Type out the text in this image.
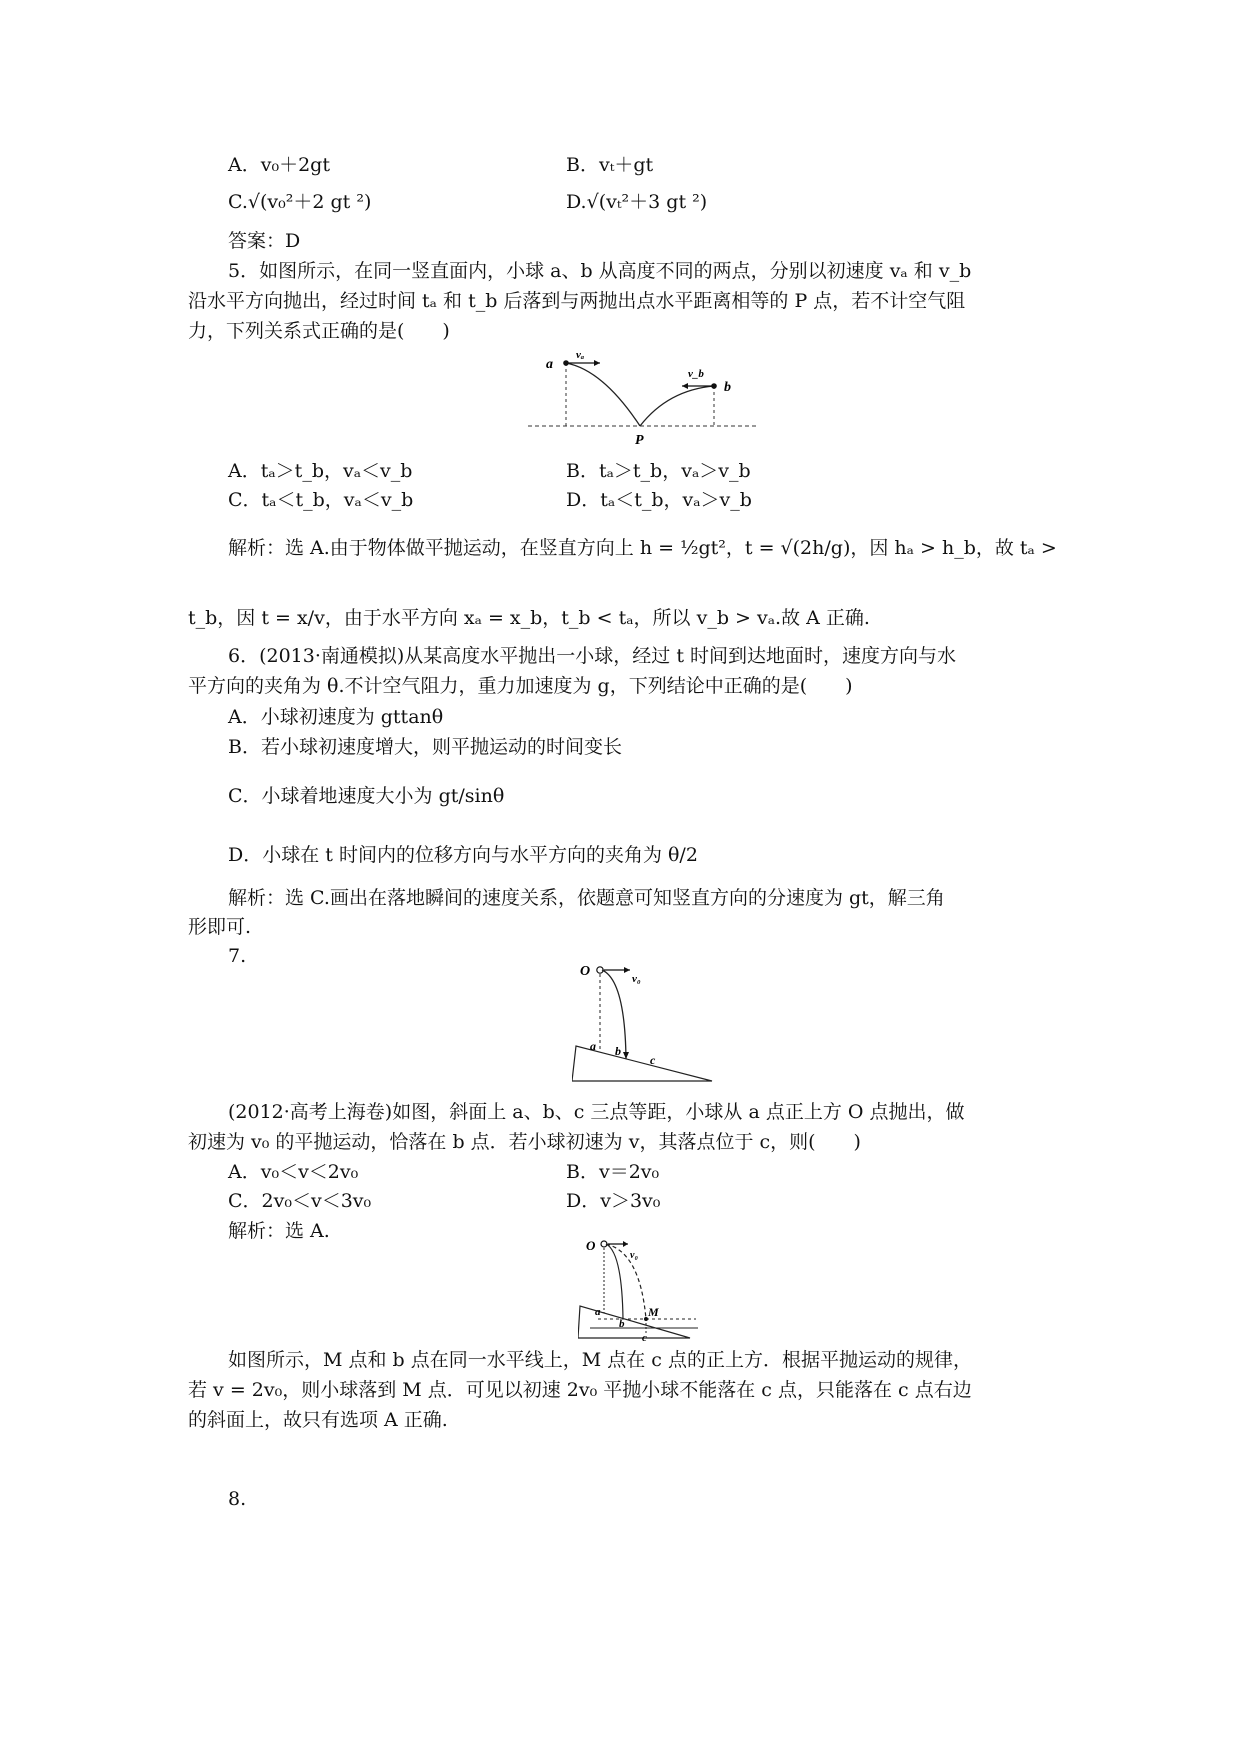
A．v₀＋2gt	B．vₜ＋gt
C.√(v₀²＋2 gt ²)	D.√(vₜ²＋3 gt ²)
答案：D
5．如图所示，在同一竖直面内，小球 a、b 从高度不同的两点，分别以初速度 vₐ 和 v_b
沿水平方向抛出，经过时间 tₐ 和 t_b 后落到与两抛出点水平距离相等的 P 点，若不计空气阻
力，下列关系式正确的是(　　)
a
vₐ
v_b
b
P
A．tₐ＞t_b，vₐ＜v_b	B．tₐ＞t_b，vₐ＞v_b
C．tₐ＜t_b，vₐ＜v_b	D．tₐ＜t_b，vₐ＞v_b
解析：选 A.由于物体做平抛运动，在竖直方向上 h = ½gt²，t = √(2h/g)，因 hₐ > h_b，故 tₐ >
t_b，因 t = x/v，由于水平方向 xₐ = x_b，t_b < tₐ，所以 v_b > vₐ.故 A 正确.
6．(2013·南通模拟)从某高度水平抛出一小球，经过 t 时间到达地面时，速度方向与水
平方向的夹角为 θ.不计空气阻力，重力加速度为 g，下列结论中正确的是(　　)
A．小球初速度为 gttanθ
B．若小球初速度增大，则平抛运动的时间变长
C．小球着地速度大小为 gt/sinθ
D．小球在 t 时间内的位移方向与水平方向的夹角为 θ/2
解析：选 C.画出在落地瞬间的速度关系，依题意可知竖直方向的分速度为 gt，解三角
形即可.
7.
O	v₀
a b
c
(2012·高考上海卷)如图，斜面上 a、b、c 三点等距，小球从 a 点正上方 O 点抛出，做
初速为 v₀ 的平抛运动，恰落在 b 点．若小球初速为 v，其落点位于 c，则(　　)
A．v₀＜v＜2v₀	B．v＝2v₀
C．2v₀＜v＜3v₀	D．v＞3v₀
解析：选 A.
O
v₀
a
b
M
c
如图所示，M 点和 b 点在同一水平线上，M 点在 c 点的正上方．根据平抛运动的规律，
若 v = 2v₀，则小球落到 M 点．可见以初速 2v₀ 平抛小球不能落在 c 点，只能落在 c 点右边
的斜面上，故只有选项 A 正确.
8.
